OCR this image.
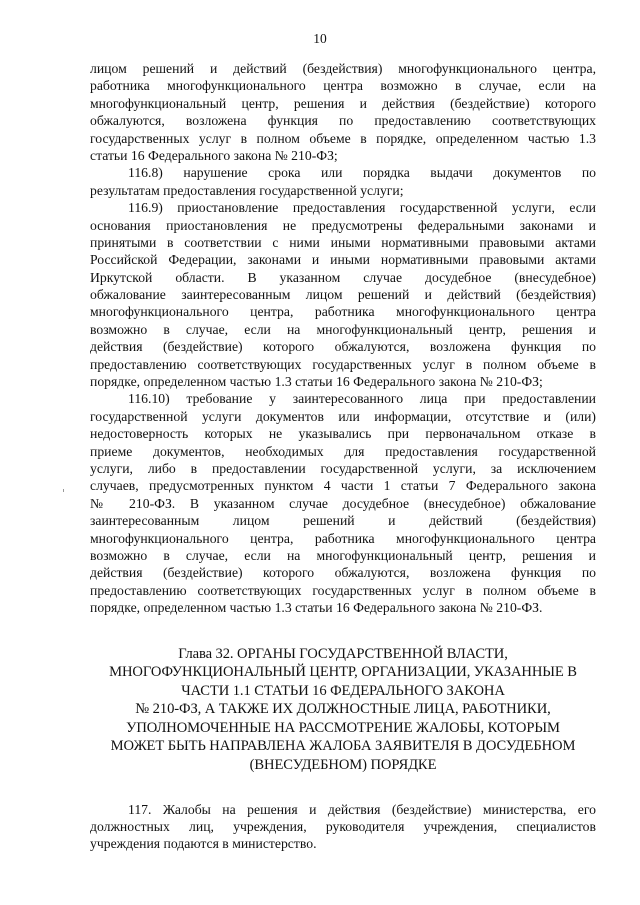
10
лицом решений и действий (бездействия) многофункционального центра,
работника многофункционального центра возможно в случае, если на
многофункциональный центр, решения и действия (бездействие) которого
обжалуются, возложена функция по предоставлению соответствующих
государственных услуг в полном объеме в порядке, определенном частью 1.3
статьи 16 Федерального закона № 210-ФЗ;
116.8) нарушение срока или порядка выдачи документов по
результатам предоставления государственной услуги;
116.9) приостановление предоставления государственной услуги, если
основания приостановления не предусмотрены федеральными законами и
принятыми в соответствии с ними иными нормативными правовыми актами
Российской Федерации, законами и иными нормативными правовыми актами
Иркутской области. В указанном случае досудебное (внесудебное)
обжалование заинтересованным лицом решений и действий (бездействия)
многофункционального центра, работника многофункционального центра
возможно в случае, если на многофункциональный центр, решения и
действия (бездействие) которого обжалуются, возложена функция по
предоставлению соответствующих государственных услуг в полном объеме в
порядке, определенном частью 1.3 статьи 16 Федерального закона № 210-ФЗ;
116.10) требование у заинтересованного лица при предоставлении
государственной услуги документов или информации, отсутствие и (или)
недостоверность которых не указывались при первоначальном отказе в
приеме документов, необходимых для предоставления государственной
услуги, либо в предоставлении государственной услуги, за исключением
случаев, предусмотренных пунктом 4 части 1 статьи 7 Федерального закона
№ 210-ФЗ. В указанном случае досудебное (внесудебное) обжалование
заинтересованным лицом решений и действий (бездействия)
многофункционального центра, работника многофункционального центра
возможно в случае, если на многофункциональный центр, решения и
действия (бездействие) которого обжалуются, возложена функция по
предоставлению соответствующих государственных услуг в полном объеме в
порядке, определенном частью 1.3 статьи 16 Федерального закона № 210-ФЗ.
Глава 32. ОРГАНЫ ГОСУДАРСТВЕННОЙ ВЛАСТИ,
МНОГОФУНКЦИОНАЛЬНЫЙ ЦЕНТР, ОРГАНИЗАЦИИ, УКАЗАННЫЕ В
ЧАСТИ 1.1 СТАТЬИ 16 ФЕДЕРАЛЬНОГО ЗАКОНА
№ 210-ФЗ, А ТАКЖЕ ИХ ДОЛЖНОСТНЫЕ ЛИЦА, РАБОТНИКИ,
УПОЛНОМОЧЕННЫЕ НА РАССМОТРЕНИЕ ЖАЛОБЫ, КОТОРЫМ
МОЖЕТ БЫТЬ НАПРАВЛЕНА ЖАЛОБА ЗАЯВИТЕЛЯ В ДОСУДЕБНОМ
(ВНЕСУДЕБНОМ) ПОРЯДКЕ
117. Жалобы на решения и действия (бездействие) министерства, его
должностных лиц, учреждения, руководителя учреждения, специалистов
учреждения подаются в министерство.
